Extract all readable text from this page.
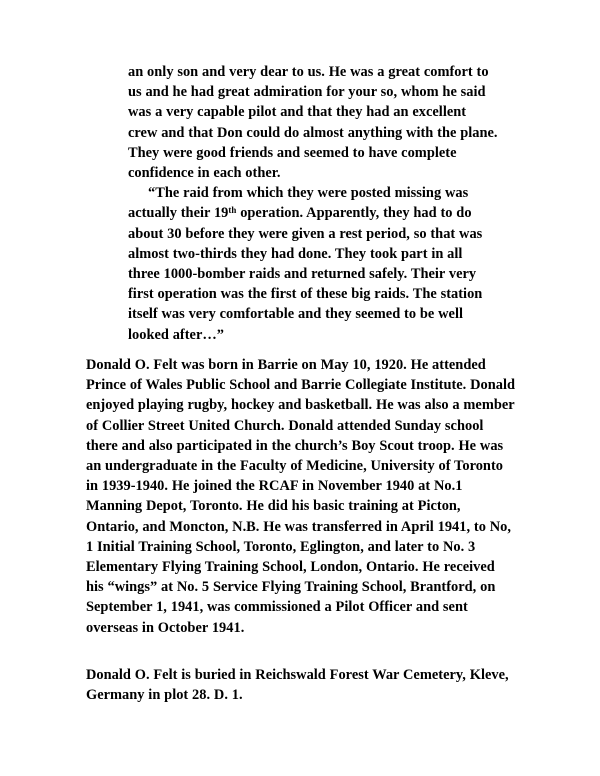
an only son and very dear to us. He was a great comfort to us and he had great admiration for your so, whom he said was a very capable pilot and that they had an excellent crew and that Don could do almost anything with the plane. They were good friends and seemed to have complete confidence in each other.

“The raid from which they were posted missing was actually their 19th operation. Apparently, they had to do about 30 before they were given a rest period, so that was almost two-thirds they had done. They took part in all three 1000-bomber raids and returned safely. Their very first operation was the first of these big raids. The station itself was very comfortable and they seemed to be well looked after…”

Donald O. Felt was born in Barrie on May 10, 1920. He attended Prince of Wales Public School and Barrie Collegiate Institute. Donald enjoyed playing rugby, hockey and basketball. He was also a member of Collier Street United Church. Donald attended Sunday school there and also participated in the church’s Boy Scout troop. He was an undergraduate in the Faculty of Medicine, University of Toronto in 1939-1940. He joined the RCAF in November 1940 at No.1 Manning Depot, Toronto. He did his basic training at Picton, Ontario, and Moncton, N.B. He was transferred in April 1941, to No, 1 Initial Training School, Toronto, Eglington, and later to No. 3 Elementary Flying Training School, London, Ontario. He received his “wings” at No. 5 Service Flying Training School, Brantford, on September 1, 1941, was commissioned a Pilot Officer and sent overseas in October 1941.

Donald O. Felt is buried in Reichswald Forest War Cemetery, Kleve, Germany in plot 28. D. 1.
